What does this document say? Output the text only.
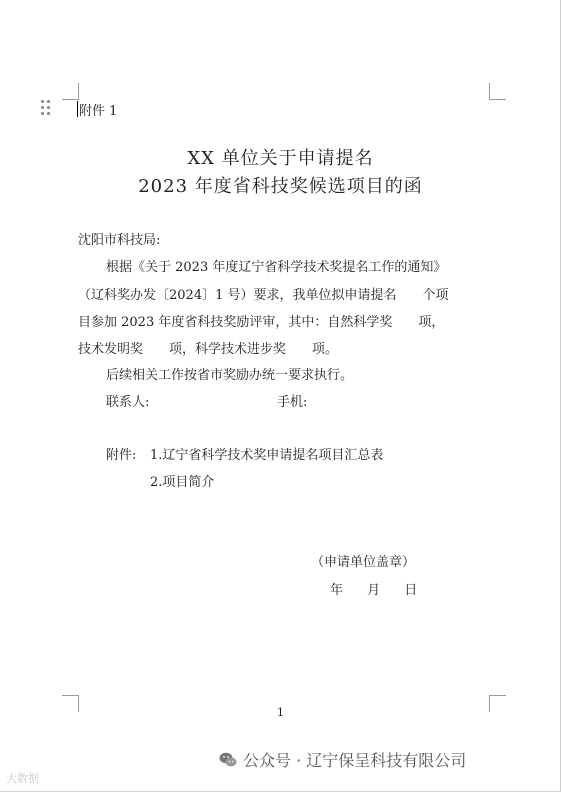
附件 1
XX 单位关于申请提名
2023 年度省科技奖候选项目的函
沈阳市科技局:
根据《关于 2023 年度辽宁省科学技术奖提名工作的通知》
（辽科奖办发〔2024〕1 号）要求，我单位拟申请提名　　个项
目参加 2023 年度省科技奖励评审，其中：自然科学奖　　项，
技术发明奖　　项，科学技术进步奖　　项。
后续相关工作按省市奖励办统一要求执行。
联系人:	手机:
附件: 1.辽宁省科学技术奖申请提名项目汇总表
2.项目简介
（申请单位盖章）
年 月 日
1
公众号 · 辽宁保呈科技有限公司
大数据
